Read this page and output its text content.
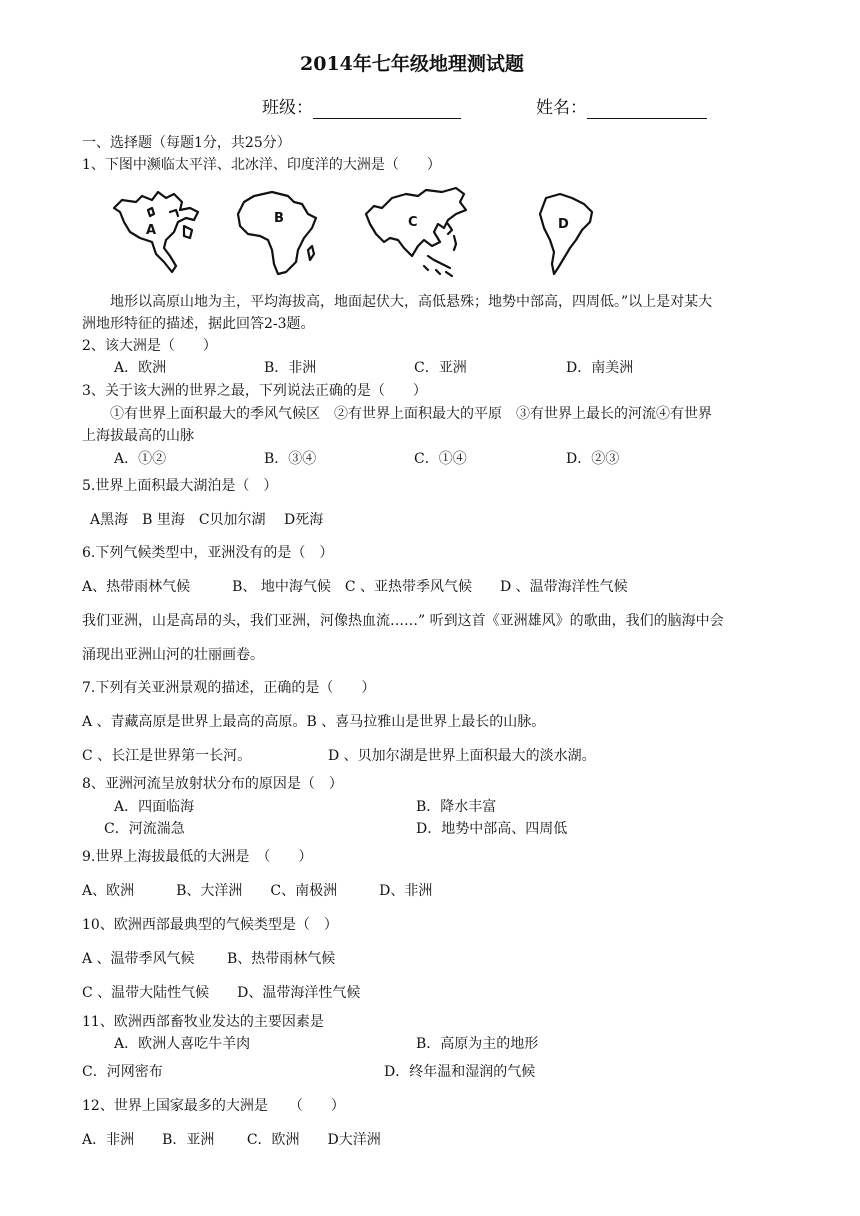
2014年七年级地理测试题
班级：	姓名：
一、选择题（每题1分，共25分）
1、下图中濒临太平洋、北冰洋、印度洋的大洲是（　　）
A
B	C	D
地形以高原山地为主，平均海拔高，地面起伏大，高低悬殊；地势中部高，四周低。”以上是对某大
洲地形特征的描述，据此回答2-3题。
2、该大洲是（　　）
A．欧洲	B．非洲	C．亚洲	D．南美洲
3、关于该大洲的世界之最，下列说法正确的是（　　）
①有世界上面积最大的季风气候区　②有世界上面积最大的平原　③有世界上最长的河流④有世界
上海拔最高的山脉
A．①②	B．③④	C．①④	D．②③
5.世界上面积最大湖泊是（　）
A黑海　B 里海　C贝加尔湖　 D死海
6.下列气候类型中，亚洲没有的是（　）
A、热带雨林气候　　　B、 地中海气候　C 、亚热带季风气候　　D 、温带海洋性气候
我们亚洲，山是高昂的头，我们亚洲，河像热血流……” 听到这首《亚洲雄风》的歌曲，我们的脑海中会
涌现出亚洲山河的壮丽画卷。
7.下列有关亚洲景观的描述，正确的是（　　）
A 、青藏高原是世界上最高的高原。B 、喜马拉雅山是世界上最长的山脉。
C 、长江是世界第一长河。	D 、贝加尔湖是世界上面积最大的淡水湖。
8、亚洲河流呈放射状分布的原因是（　）
A．四面临海	B．降水丰富
C．河流湍急	D．地势中部高、四周低
9.世界上海拔最低的大洲是　（　　）
A、欧洲　　　B、大洋洲　　C、南极洲　　　D、非洲
10、欧洲西部最典型的气候类型是（　）
A 、温带季风气候　　 B、热带雨林气候
C 、温带大陆性气候　　D、温带海洋性气候
11、欧洲西部畜牧业发达的主要因素是
A．欧洲人喜吃牛羊肉	B．高原为主的地形
C．河网密布	D．终年温和湿润的气候
12、世界上国家最多的大洲是　　（　　）
A．非洲　　B．亚洲　　 C．欧洲　　D大洋洲
